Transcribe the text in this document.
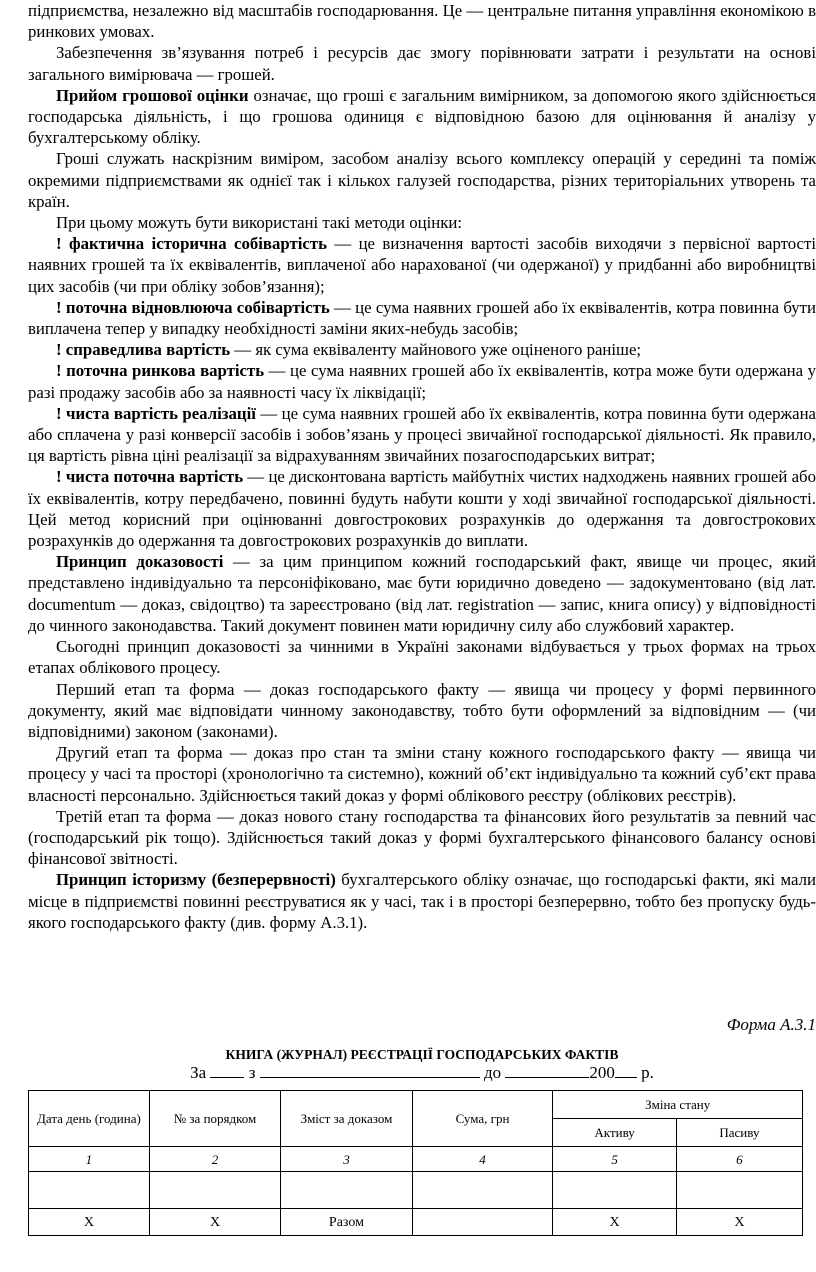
підприємства, незалежно від масштабів господарювання. Це — центральне питання управління економікою в ринкових умовах.

Забезпечення зв’язування потреб і ресурсів дає змогу порівнювати затрати і результати на основі загального вимірювача — грошей.

Прийом грошової оцінки означає, що гроші є загальним вимірником, за допомогою якого здійснюється господарська діяльність, і що грошова одиниця є відповідною базою для оцінювання й аналізу у бухгалтерському обліку.

Гроші служать наскрізним виміром, засобом аналізу всього комплексу операцій у середині та поміж окремими підприємствами як однієї так і кількох галузей господарства, різних територіальних утворень та країн.

При цьому можуть бути використані такі методи оцінки:

! фактична історична собівартість — це визначення вартості засобів виходячи з первісної вартості наявних грошей та їх еквівалентів, виплаченої або нарахованої (чи одержаної) у придбанні або виробництві цих засобів (чи при обліку зобов’язання);

! поточна відновлююча собівартість — це сума наявних грошей або їх еквівалентів, котра повинна бути виплачена тепер у випадку необхідності заміни яких-небудь засобів;

! справедлива вартість — як сума еквіваленту майнового уже оціненого раніше;

! поточна ринкова вартість — це сума наявних грошей або їх еквівалентів, котра може бути одержана у разі продажу засобів або за наявності часу їх ліквідації;

! чиста вартість реалізації — це сума наявних грошей або їх еквівалентів, котра повинна бути одержана або сплачена у разі конверсії засобів і зобов’язань у процесі звичайної господарської діяльності. Як правило, ця вартість рівна ціні реалізації за відрахуванням звичайних позагосподарських витрат;

! чиста поточна вартість — це дисконтована вартість майбутніх чистих надходжень наявних грошей або їх еквівалентів, котру передбачено, повинні будуть набути кошти у ході звичайної господарської діяльності. Цей метод корисний при оцінюванні довгострокових розрахунків до одержання та довгострокових розрахунків до одержання та довгострокових розрахунків до виплати.

Принцип доказовості — за цим принципом кожний господарський факт, явище чи процес, який представлено індивідуально та персоніфіковано, має бути юридично доведено — задокументовано (від лат. documentum — доказ, свідоцтво) та зареєстровано (від лат. registration — запис, книга опису) у відповідності до чинного законодавства. Такий документ повинен мати юридичну силу або службовий характер.

Сьогодні принцип доказовості за чинними в Україні законами відбувається у трьох формах на трьох етапах облікового процесу.

Перший етап та форма — доказ господарського факту — явища чи процесу у формі первинного документу, який має відповідати чинному законодавству, тобто бути оформлений за відповідним — (чи відповідними) законом (законами).

Другий етап та форма — доказ про стан та зміни стану кожного господарського факту — явища чи процесу у часі та просторі (хронологічно та системно), кожний об’єкт індивідуально та кожний суб’єкт права власності персонально. Здійснюється такий доказ у формі облікового реєстру (облікових реєстрів).

Третій етап та форма — доказ нового стану господарства та фінансових його результатів за певний час (господарський рік тощо). Здійснюється такий доказ у формі бухгалтерського фінансового балансу основі фінансової звітності.

Принцип історизму (безперервності) бухгалтерського обліку означає, що господарські факти, які мали місце в підприємстві повинні реєструватися як у часі, так і в просторі безперервно, тобто без пропуску будь-якого господарського факту (див. форму А.3.1).

Форма А.3.1
КНИГА (ЖУРНАЛ) РЕЄСТРАЦІЇ ГОСПОДАРСЬКИХ ФАКТІВ
За	з	до	200 р.
Дата день (година)	№ за порядком	Зміст за доказом	Сума, грн	Зміна стану	
				Активу	Пасиву
1	2	3	4	5	6

Х	Х	Разом		Х	Х
